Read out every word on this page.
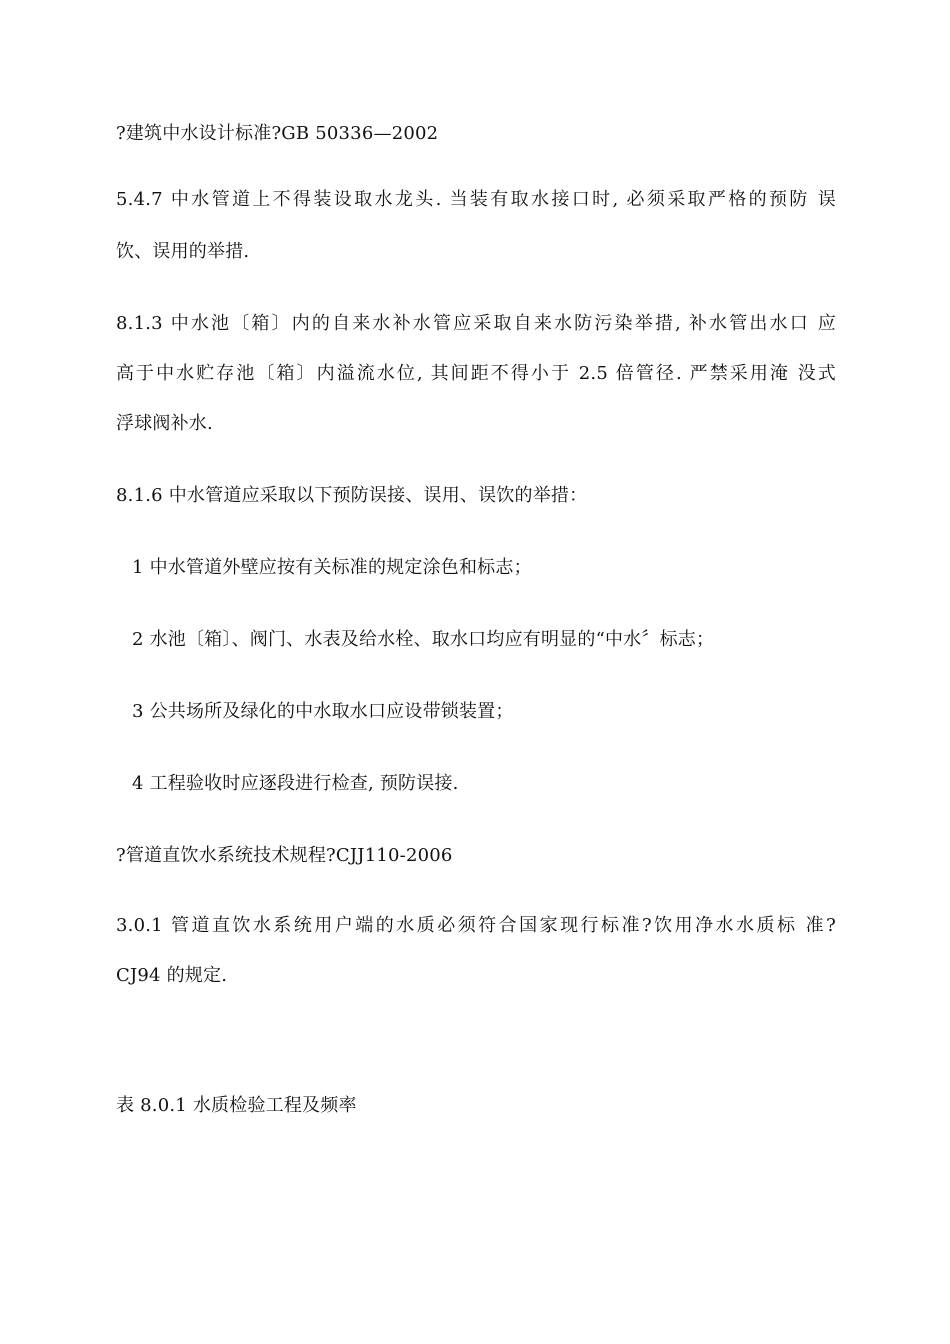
?建筑中水设计标准?GB 50336—2002
5.4.7 中水管道上不得装设取水龙头. 当装有取水接口时, 必须采取严格的预防 误
饮、误用的举措.
8.1.3 中水池〔箱〕内的自来水补水管应采取自来水防污染举措, 补水管出水口 应
高于中水贮存池〔箱〕内溢流水位, 其间距不得小于 2.5 倍管径. 严禁采用淹 没式
浮球阀补水.
8.1.6 中水管道应采取以下预防误接、误用、误饮的举措：
1 中水管道外壁应按有关标准的规定涂色和标志；
2 水池〔箱〕、阀门、水表及给水栓、取水口均应有明显的“中水〞标志；
3 公共场所及绿化的中水取水口应设带锁装置；
4 工程验收时应逐段进行检查, 预防误接.
?管道直饮水系统技术规程?CJJ110-2006
3.0.1 管道直饮水系统用户端的水质必须符合国家现行标准?饮用净水水质标 准?
CJ94 的规定.
表 8.0.1 水质检验工程及频率
